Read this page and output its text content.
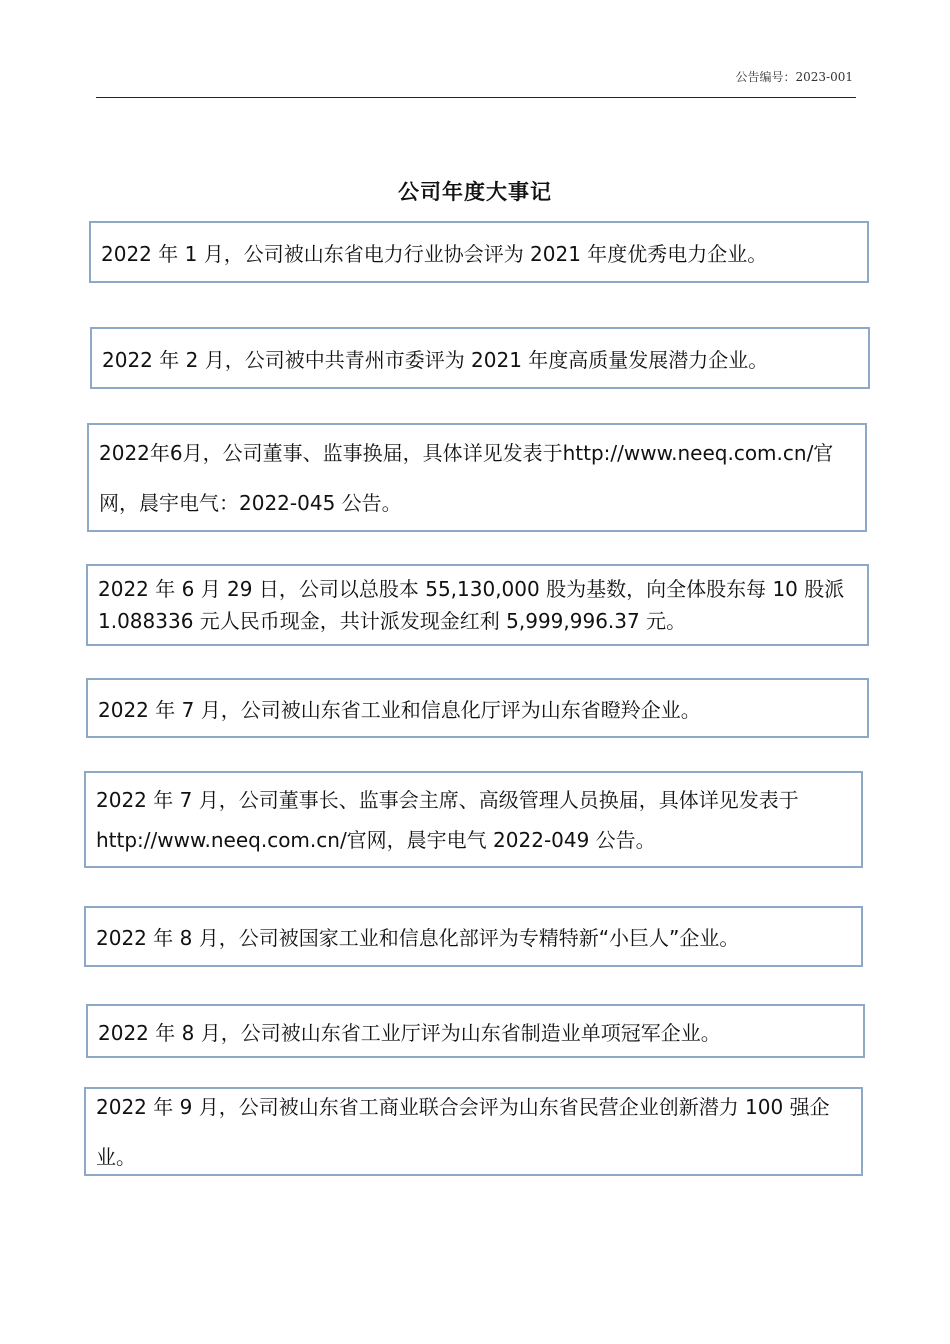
公告编号：2023-001
公司年度大事记
2022 年 1 月，公司被山东省电力行业协会评为 2021 年度优秀电力企业。
2022 年 2 月，公司被中共青州市委评为 2021 年度高质量发展潜力企业。
2022年6月，公司董事、监事换届，具体详见发表于http://www.neeq.com.cn/官网，晨宇电气：2022-045 公告。
2022 年 6 月 29 日，公司以总股本 55,130,000 股为基数，向全体股东每 10 股派 1.088336 元人民币现金，共计派发现金红利 5,999,996.37 元。
2022 年 7 月，公司被山东省工业和信息化厅评为山东省瞪羚企业。
2022 年 7 月，公司董事长、监事会主席、高级管理人员换届，具体详见发表于 http://www.neeq.com.cn/官网，晨宇电气 2022-049 公告。
2022 年 8 月，公司被国家工业和信息化部评为专精特新“小巨人”企业。
2022 年 8 月，公司被山东省工业厅评为山东省制造业单项冠军企业。
2022 年 9 月，公司被山东省工商业联合会评为山东省民营企业创新潜力 100 强企业。
